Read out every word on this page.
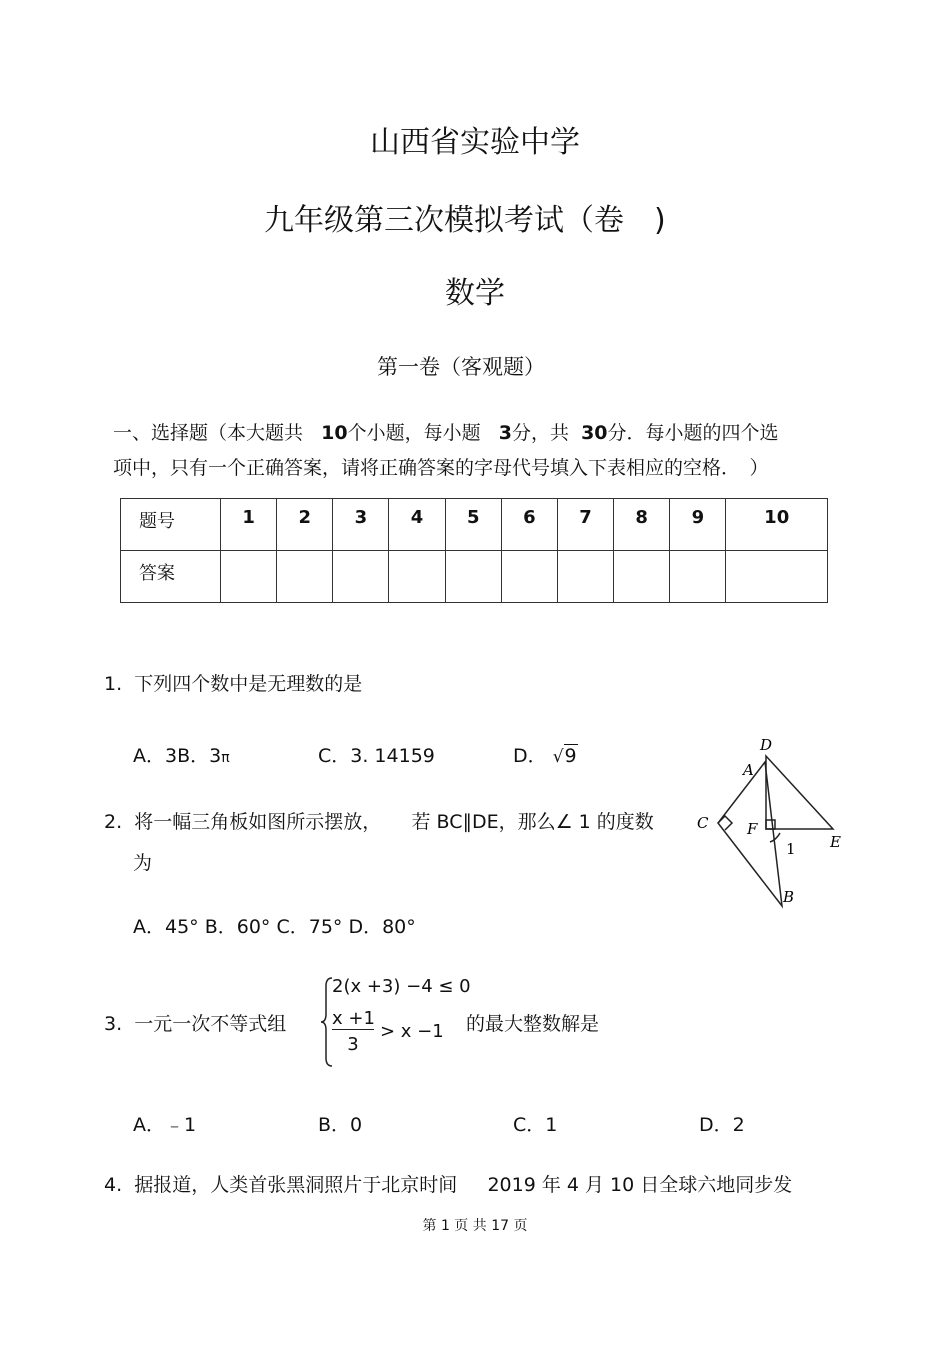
山西省实验中学
九年级第三次模拟考试（卷　)
数学
第一卷（客观题）
一、选择题（本大题共 10个小题，每小题 3分，共 30分．每小题的四个选
项中，只有一个正确答案，请将正确答案的字母代号填入下表相应的空格．　）
题号	1	2	3	4	5	6	7	8	9	10
答案										
1. 下列四个数中是无理数的是
A．3B．3π	C．3. 14159	D． √9
2. 将一幅三角板如图所示摆放， 若 BC∥DE，那么∠ 1 的度数
为
A．45° B．60° C．75° D．80°
D
A
C	F
1 E
B
3. 一元一次不等式组
2(x +3) −4 ≤ 0
x +1
3
> x −1 的最大整数解是
A．﹣1	B．0	C．1	D．2
4. 据报道，人类首张黑洞照片于北京时间 2019 年 4 月 10 日全球六地同步发
第 1 页 共 17 页
